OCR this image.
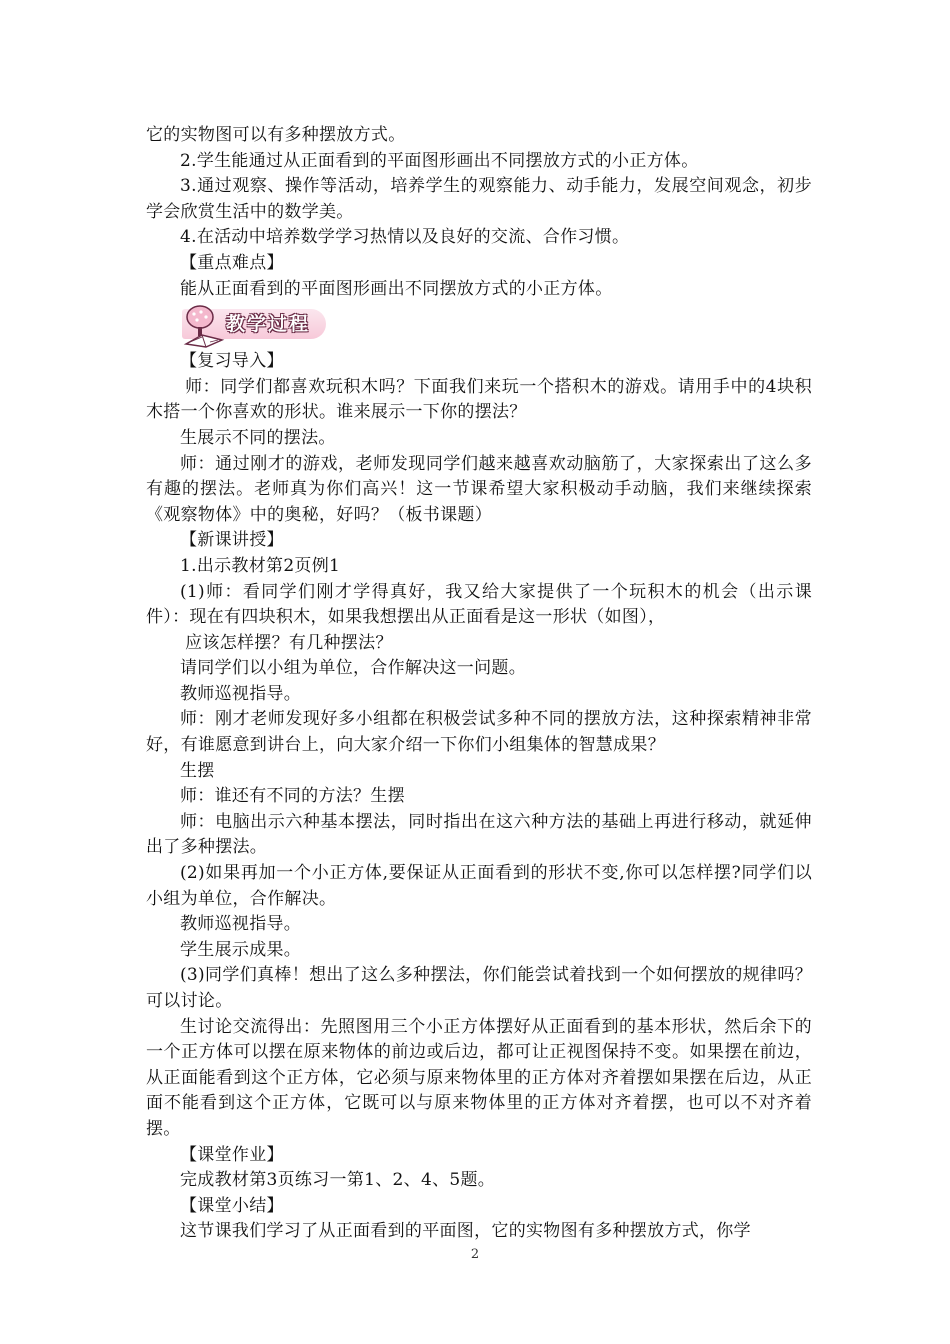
它的实物图可以有多种摆放方式。

2.学生能通过从正面看到的平面图形画出不同摆放方式的小正方体。

3.通过观察、操作等活动，培养学生的观察能力、动手能力，发展空间观念，初步学会欣赏生活中的数学美。

4.在活动中培养数学学习热情以及良好的交流、合作习惯。

【重点难点】

能从正面看到的平面图形画出不同摆放方式的小正方体。

教学过程

【复习导入】

师：同学们都喜欢玩积木吗？下面我们来玩一个搭积木的游戏。请用手中的4块积木搭一个你喜欢的形状。谁来展示一下你的摆法？

生展示不同的摆法。

师：通过刚才的游戏，老师发现同学们越来越喜欢动脑筋了，大家探索出了这么多有趣的摆法。老师真为你们高兴！这一节课希望大家积极动手动脑，我们来继续探索《观察物体》中的奥秘，好吗？（板书课题）

【新课讲授】

1.出示教材第2页例1

(1)师：看同学们刚才学得真好，我又给大家提供了一个玩积木的机会（出示课件）：现在有四块积木，如果我想摆出从正面看是这一形状（如图），

应该怎样摆？有几种摆法？

请同学们以小组为单位，合作解决这一问题。

教师巡视指导。

师：刚才老师发现好多小组都在积极尝试多种不同的摆放方法，这种探索精神非常好，有谁愿意到讲台上，向大家介绍一下你们小组集体的智慧成果？

生摆

师：谁还有不同的方法？生摆

师：电脑出示六种基本摆法，同时指出在这六种方法的基础上再进行移动，就延伸出了多种摆法。

(2)如果再加一个小正方体,要保证从正面看到的形状不变,你可以怎样摆?同学们以小组为单位，合作解决。

教师巡视指导。

学生展示成果。

(3)同学们真棒！想出了这么多种摆法，你们能尝试着找到一个如何摆放的规律吗？可以讨论。

生讨论交流得出：先照图用三个小正方体摆好从正面看到的基本形状，然后余下的一个正方体可以摆在原来物体的前边或后边，都可让正视图保持不变。如果摆在前边，从正面能看到这个正方体，它必须与原来物体里的正方体对齐着摆如果摆在后边，从正面不能看到这个正方体，它既可以与原来物体里的正方体对齐着摆，也可以不对齐着摆。

【课堂作业】

完成教材第3页练习一第1、2、4、5题。

【课堂小结】

这节课我们学习了从正面看到的平面图，它的实物图有多种摆放方式，你学

2
